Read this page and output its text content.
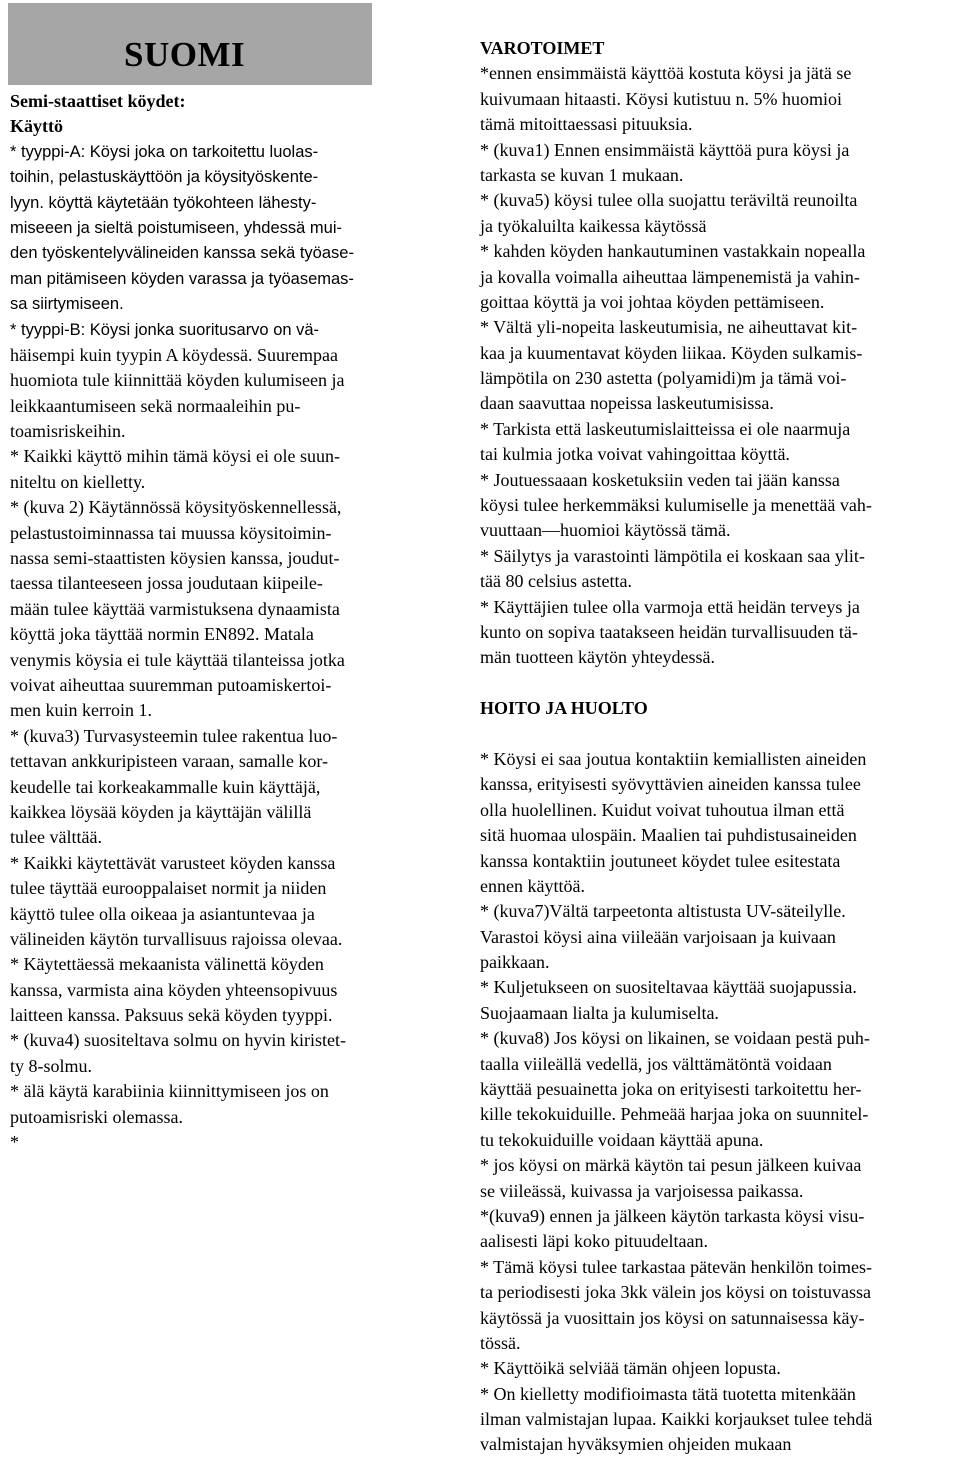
SUOMI
Semi-staattiset köydet:
Käyttö
* tyyppi-A: Köysi joka on tarkoitettu luolas-
toihin, pelastuskäyttöön ja köysityöskente-
lyyn. köyttä käytetään työkohteen lähesty-
miseeen ja sieltä poistumiseen, yhdessä mui-
den työskentelyvälineiden kanssa sekä työase-
man pitämiseen köyden varassa ja työasemas-
sa siirtymiseen.
* tyyppi-B: Köysi jonka suoritusarvo on vä-
häisempi kuin tyypin A köydessä. Suurempaa
huomiota tule kiinnittää köyden kulumiseen ja
leikkaantumiseen sekä normaaleihin pu-
toamisriskeihin.
* Kaikki käyttö mihin tämä köysi ei ole suun-
niteltu on kielletty.
* (kuva 2) Käytännössä köysityöskennellessä,
pelastustoiminnassa tai muussa köysitoimin-
nassa semi-staattisten köysien kanssa, joudut-
taessa tilanteeseen jossa joudutaan kiipeile-
mään tulee käyttää varmistuksena dynaamista
köyttä joka täyttää normin EN892. Matala
venymis köysia ei tule käyttää tilanteissa jotka
voivat aiheuttaa suuremman putoamiskertoi-
men kuin kerroin 1.
* (kuva3) Turvasysteemin tulee rakentua luo-
tettavan ankkuripisteen varaan, samalle kor-
keudelle tai korkeakammalle kuin käyttäjä,
kaikkea löysää köyden ja käyttäjän välillä
tulee välttää.
* Kaikki käytettävät varusteet köyden kanssa
tulee täyttää eurooppalaiset normit ja niiden
käyttö tulee olla oikeaa ja asiantuntevaa ja
välineiden käytön turvallisuus rajoissa olevaa.
* Käytettäessä mekaanista välinettä köyden
kanssa, varmista aina köyden yhteensopivuus
laitteen kanssa. Paksuus sekä köyden tyyppi.
* (kuva4) suositeltava solmu on hyvin kiristet-
ty 8-solmu.
* älä käytä karabiinia kiinnittymiseen jos on
putoamisriski olemassa.
*
VAROTOIMET
*ennen ensimmäistä käyttöä kostuta köysi ja jätä se
kuivumaan hitaasti. Köysi kutistuu n. 5% huomioi
tämä mitoittaessasi pituuksia.
* (kuva1) Ennen ensimmäistä käyttöä pura köysi ja
tarkasta se kuvan 1 mukaan.
* (kuva5) köysi tulee olla suojattu teräviltä reunoilta
ja työkaluilta kaikessa käytössä
* kahden köyden hankautuminen vastakkain nopealla
ja kovalla voimalla aiheuttaa lämpenemistä ja vahin-
goittaa köyttä ja voi johtaa köyden pettämiseen.
* Vältä yli-nopeita laskeutumisia, ne aiheuttavat kit-
kaa ja kuumentavat köyden liikaa. Köyden sulkamis-
lämpötila on 230 astetta (polyamidi)m ja tämä voi-
daan saavuttaa nopeissa laskeutumisissa.
* Tarkista että laskeutumislaitteissa ei ole naarmuja
tai kulmia jotka voivat vahingoittaa köyttä.
* Joutuessaaan kosketuksiin veden tai jään kanssa
köysi tulee herkemmäksi kulumiselle ja menettää vah-
vuuttaan—huomioi käytössä tämä.
* Säilytys ja varastointi lämpötila ei koskaan saa ylit-
tää 80 celsius astetta.
* Käyttäjien tulee olla varmoja että heidän terveys ja
kunto on sopiva taatakseen heidän turvallisuuden tä-
män tuotteen käytön yhteydessä.
HOITO JA HUOLTO
* Köysi ei saa joutua kontaktiin kemiallisten aineiden
kanssa, erityisesti syövyttävien aineiden kanssa tulee
olla huolellinen. Kuidut voivat tuhoutua ilman että
sitä huomaa ulospäin. Maalien tai puhdistusaineiden
kanssa kontaktiin joutuneet köydet tulee esitestata
ennen käyttöä.
* (kuva7)Vältä tarpeetonta altistusta UV-säteilylle.
Varastoi köysi aina viileään varjoisaan ja kuivaan
paikkaan.
* Kuljetukseen on suositeltavaa käyttää suojapussia.
Suojaamaan lialta ja kulumiselta.
* (kuva8) Jos köysi on likainen, se voidaan pestä puh-
taalla viileällä vedellä, jos välttämätöntä voidaan
käyttää pesuainetta joka on erityisesti tarkoitettu her-
kille tekokuiduille. Pehmeää harjaa joka on suunnitel-
tu tekokuiduille voidaan käyttää apuna.
* jos köysi on märkä käytön tai pesun jälkeen kuivaa
se viileässä, kuivassa ja varjoisessa paikassa.
*(kuva9) ennen ja jälkeen käytön tarkasta köysi visu-
aalisesti läpi koko pituudeltaan.
* Tämä köysi tulee tarkastaa pätevän henkilön toimes-
ta periodisesti joka 3kk välein jos köysi on toistuvassa
käytössä ja vuosittain jos köysi on satunnaisessa käy-
tössä.
* Käyttöikä selviää tämän ohjeen lopusta.
* On kielletty modifioimasta tätä tuotetta mitenkään
ilman valmistajan lupaa. Kaikki korjaukset tulee tehdä
valmistajan hyväksymien ohjeiden mukaan
